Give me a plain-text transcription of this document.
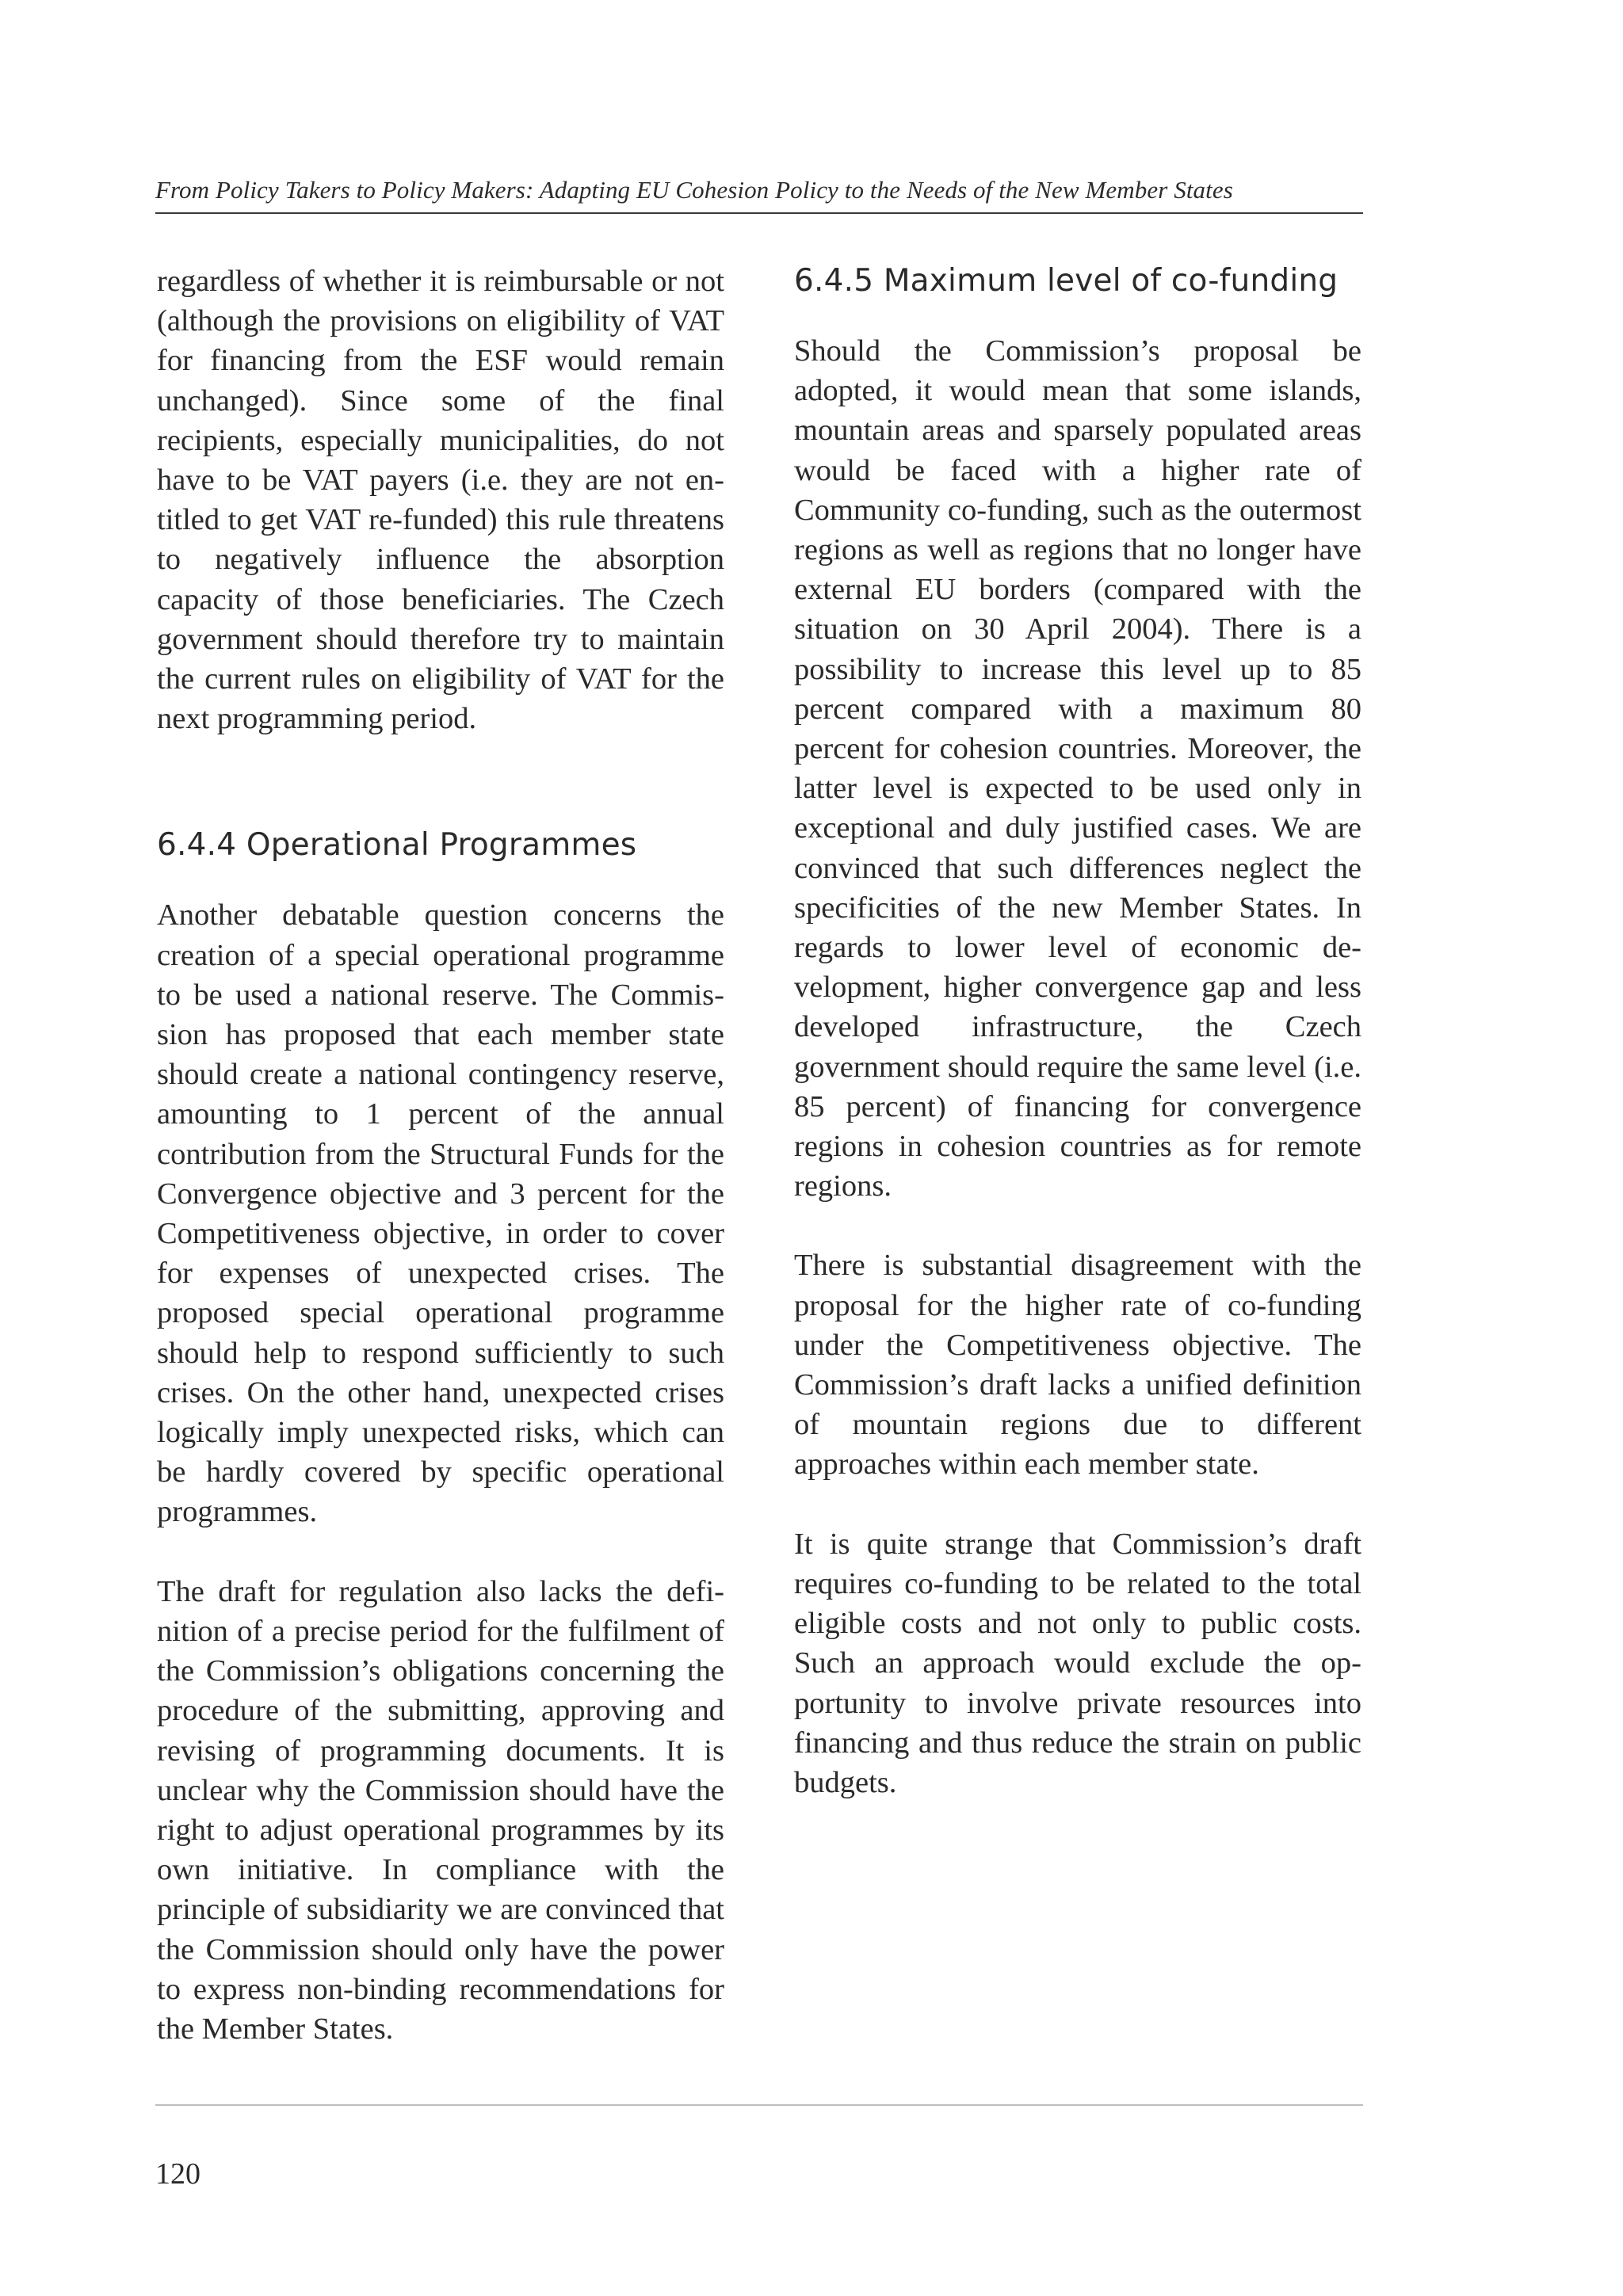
From Policy Takers to Policy Makers: Adapting EU Cohesion Policy to the Needs of the New Member States

regardless of whether it is reimbursable or not (although the provisions on eligibility of VAT for financing from the ESF would remain unchanged). Since some of the final recipients, especially municipalities, do not have to be VAT payers (i.e. they are not entitled to get VAT re-funded) this rule threatens to negatively influence the absorption capacity of those beneficiaries. The Czech government should therefore try to maintain the current rules on eligibility of VAT for the next programming period.

6.4.4 Operational Programmes

Another debatable question concerns the creation of a special operational programme to be used a national reserve. The Commission has proposed that each member state should create a national contingency reserve, amounting to 1 percent of the annual contribution from the Structural Funds for the Convergence objective and 3 percent for the Competitiveness objective, in order to cover for expenses of unexpected crises. The proposed special operational programme should help to respond sufficiently to such crises. On the other hand, unexpected crises logically imply unexpected risks, which can be hardly covered by specific operational programmes.

The draft for regulation also lacks the definition of a precise period for the fulfilment of the Commission’s obligations concerning the procedure of the submitting, approving and revising of programming documents. It is unclear why the Commission should have the right to adjust operational programmes by its own initiative. In compliance with the principle of subsidiarity we are convinced that the Commission should only have the power to express non-binding recommendations for the Member States.

6.4.5 Maximum level of co-funding

Should the Commission’s proposal be adopted, it would mean that some islands, mountain areas and sparsely populated areas would be faced with a higher rate of Community co-funding, such as the outermost regions as well as regions that no longer have external EU borders (compared with the situation on 30 April 2004). There is a possibility to increase this level up to 85 percent compared with a maximum 80 percent for cohesion countries. Moreover, the latter level is expected to be used only in exceptional and duly justified cases. We are convinced that such differences neglect the specificities of the new Member States. In regards to lower level of economic development, higher convergence gap and less developed infrastructure, the Czech government should require the same level (i.e. 85 percent) of financing for convergence regions in cohesion countries as for remote regions.

There is substantial disagreement with the proposal for the higher rate of co-funding under the Competitiveness objective. The Commission’s draft lacks a unified definition of mountain regions due to different approaches within each member state.

It is quite strange that Commission’s draft requires co-funding to be related to the total eligible costs and not only to public costs. Such an approach would exclude the opportunity to involve private resources into financing and thus reduce the strain on public budgets.

120
